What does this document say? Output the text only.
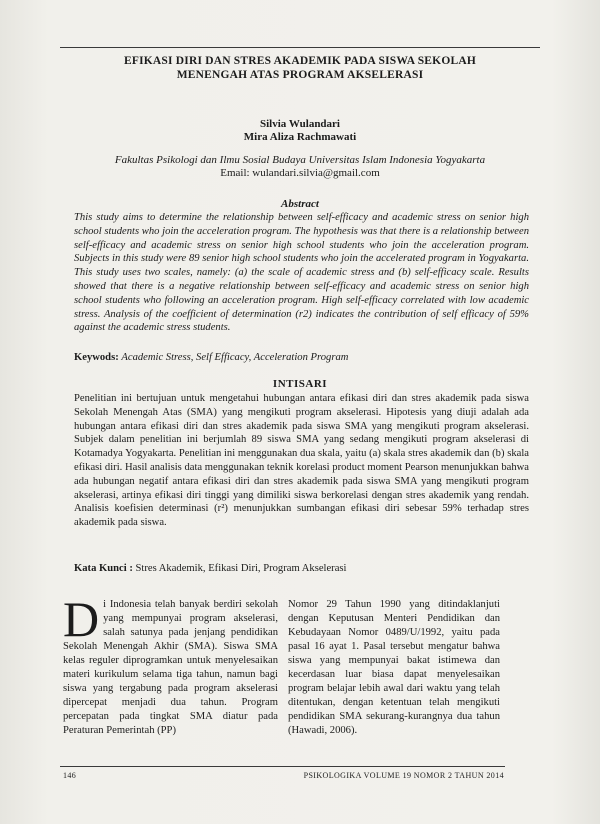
EFIKASI DIRI DAN STRES AKADEMIK PADA SISWA SEKOLAH
MENENGAH ATAS PROGRAM AKSELERASI
Silvia Wulandari
Mira Aliza Rachmawati
Fakultas Psikologi dan Ilmu Sosial Budaya Universitas Islam Indonesia Yogyakarta
Email: wulandari.silvia@gmail.com
Abstract
This study aims to determine the relationship between self-efficacy and academic stress on senior high school students who join the acceleration program. The hypothesis was that there is a relationship between self-efficacy and academic stress on senior high school students who join the acceleration program. Subjects in this study were 89 senior high school students who join the accelerated program in Yogyakarta. This study uses two scales, namely: (a) the scale of academic stress and (b) self-efficacy scale. Results showed that there is a negative relationship between self-efficacy and academic stress on senior high school students who following an acceleration program. High self-efficacy correlated with low academic stress. Analysis of the coefficient of determination (r2) indicates the contribution of self efficacy of 59% against the academic stress students.
Keywods: Academic Stress, Self Efficacy, Acceleration Program
INTISARI
Penelitian ini bertujuan untuk mengetahui hubungan antara efikasi diri dan stres akademik pada siswa Sekolah Menengah Atas (SMA) yang mengikuti program akselerasi. Hipotesis yang diuji adalah ada hubungan antara efikasi diri dan stres akademik pada siswa SMA yang mengikuti program akselerasi. Subjek dalam penelitian ini berjumlah 89 siswa SMA yang sedang mengikuti program akselerasi di Kotamadya Yogyakarta. Penelitian ini menggunakan dua skala, yaitu (a) skala stres akademik dan (b) skala efikasi diri. Hasil analisis data menggunakan teknik korelasi product moment Pearson menunjukkan bahwa ada hubungan negatif antara efikasi diri dan stres akademik pada siswa SMA yang mengikuti program akselerasi, artinya efikasi diri tinggi yang dimiliki siswa berkorelasi dengan stres akademik yang rendah. Analisis koefisien determinasi (r²) menunjukkan sumbangan efikasi diri sebesar 59% terhadap stres akademik pada siswa.
Kata Kunci : Stres Akademik, Efikasi Diri, Program Akselerasi
D i Indonesia telah banyak berdiri sekolah yang mempunyai program akselerasi, salah satunya pada jenjang pendidikan Sekolah Menengah Akhir (SMA). Siswa SMA kelas reguler diprogramkan untuk menyelesaikan materi kurikulum selama tiga tahun, namun bagi siswa yang tergabung pada program akselerasi dipercepat menjadi dua tahun. Program percepatan pada tingkat SMA diatur pada Peraturan Pemerintah (PP)
Nomor 29 Tahun 1990 yang ditindaklanjuti dengan Keputusan Menteri Pendidikan dan Kebudayaan Nomor 0489/U/1992, yaitu pada pasal 16 ayat 1. Pasal tersebut mengatur bahwa siswa yang mempunyai bakat istimewa dan kecerdasan luar biasa dapat menyelesaikan program belajar lebih awal dari waktu yang telah ditentukan, dengan ketentuan telah mengikuti pendidikan SMA sekurang-kurangnya dua tahun (Hawadi, 2006).
146	PSIKOLOGIKA VOLUME 19 NOMOR 2 TAHUN 2014
